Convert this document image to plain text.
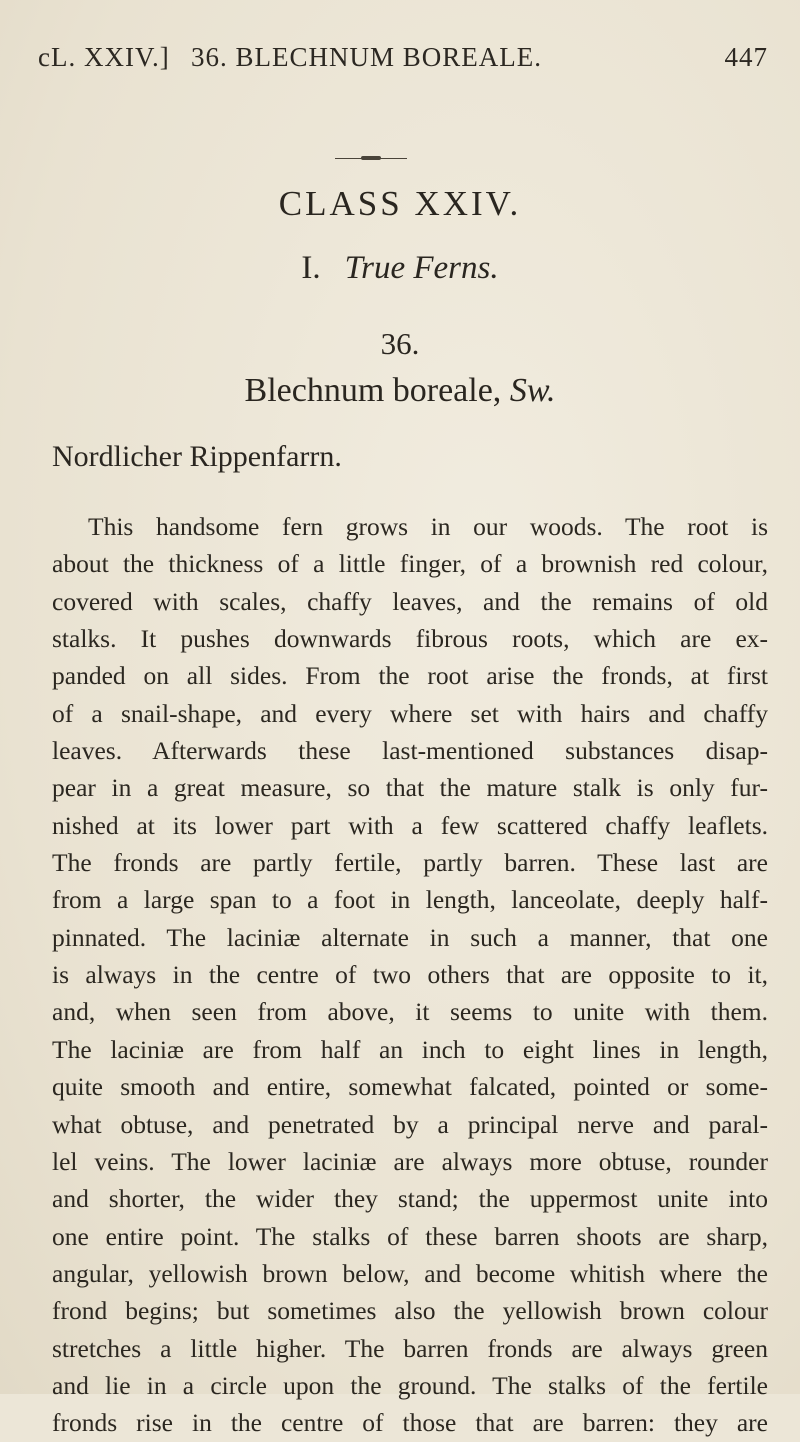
cL. XXIV.] 36. BLECHNUM BOREALE.	447
CLASS XXIV.
I. True Ferns.
36.
Blechnum boreale, Sw.
Nordlicher Rippenfarrn.
This handsome fern grows in our woods. The root is
about the thickness of a little finger, of a brownish red colour,
covered with scales, chaffy leaves, and the remains of old
stalks. It pushes downwards fibrous roots, which are ex-
panded on all sides. From the root arise the fronds, at first
of a snail-shape, and every where set with hairs and chaffy
leaves. Afterwards these last-mentioned substances disap-
pear in a great measure, so that the mature stalk is only fur-
nished at its lower part with a few scattered chaffy leaflets.
The fronds are partly fertile, partly barren. These last are
from a large span to a foot in length, lanceolate, deeply half-
pinnated. The laciniæ alternate in such a manner, that one
is always in the centre of two others that are opposite to it,
and, when seen from above, it seems to unite with them.
The laciniæ are from half an inch to eight lines in length,
quite smooth and entire, somewhat falcated, pointed or some-
what obtuse, and penetrated by a principal nerve and paral-
lel veins. The lower laciniæ are always more obtuse, rounder
and shorter, the wider they stand; the uppermost unite into
one entire point. The stalks of these barren shoots are sharp,
angular, yellowish brown below, and become whitish where the
frond begins; but sometimes also the yellowish brown colour
stretches a little higher. The barren fronds are always green
and lie in a circle upon the ground. The stalks of the fertile
fronds rise in the centre of those that are barren: they are
